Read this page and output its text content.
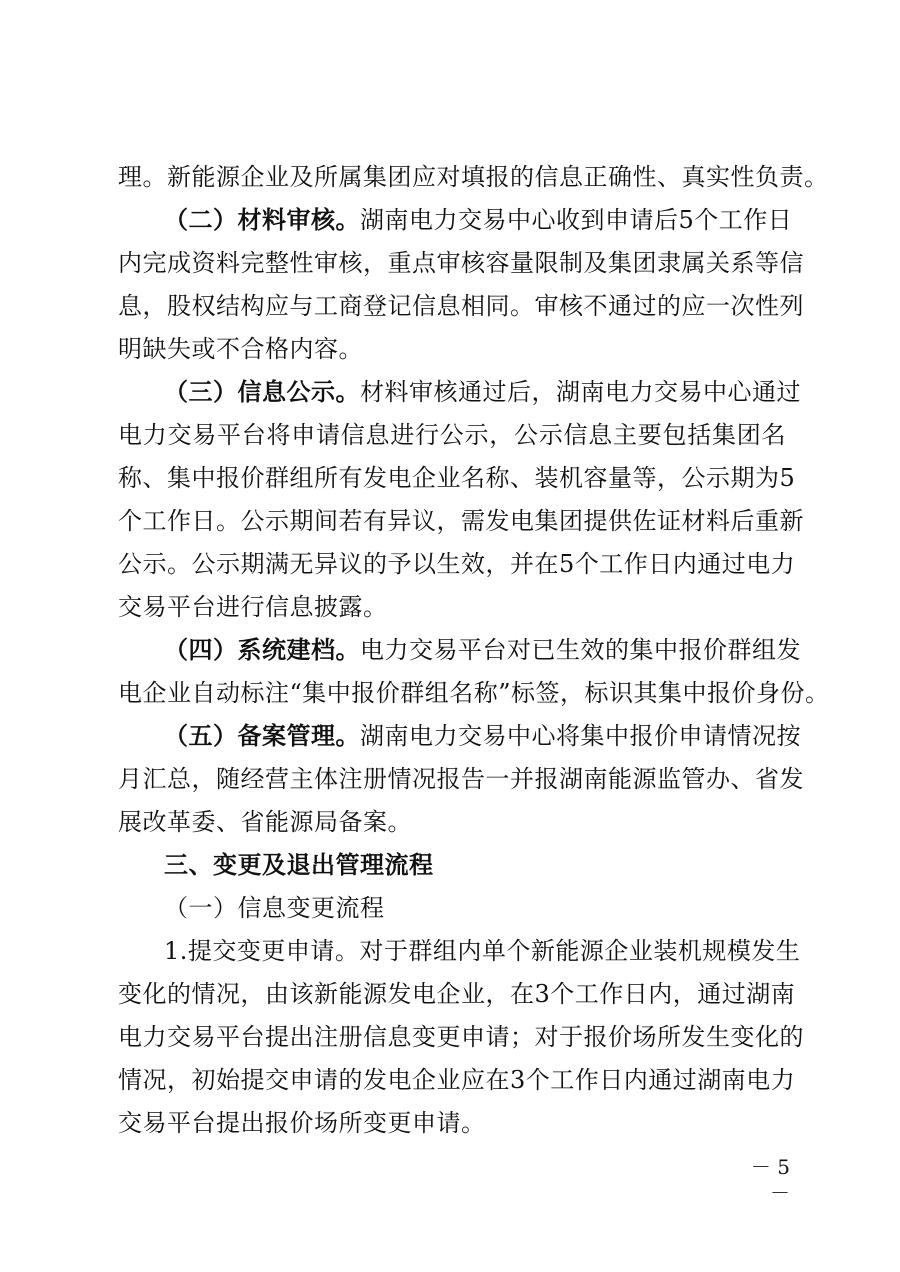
理。新能源企业及所属集团应对填报的信息正确性、真实性负责。
（二）材料审核。湖南电力交易中心收到申请后5个工作日
内完成资料完整性审核，重点审核容量限制及集团隶属关系等信
息，股权结构应与工商登记信息相同。审核不通过的应一次性列
明缺失或不合格内容。
（三）信息公示。材料审核通过后，湖南电力交易中心通过
电力交易平台将申请信息进行公示，公示信息主要包括集团名
称、集中报价群组所有发电企业名称、装机容量等，公示期为5
个工作日。公示期间若有异议，需发电集团提供佐证材料后重新
公示。公示期满无异议的予以生效，并在5个工作日内通过电力
交易平台进行信息披露。
（四）系统建档。电力交易平台对已生效的集中报价群组发
电企业自动标注“集中报价群组名称”标签，标识其集中报价身份。
（五）备案管理。湖南电力交易中心将集中报价申请情况按
月汇总，随经营主体注册情况报告一并报湖南能源监管办、省发
展改革委、省能源局备案。
三、变更及退出管理流程
（一）信息变更流程
1.提交变更申请。对于群组内单个新能源企业装机规模发生
变化的情况，由该新能源发电企业，在3个工作日内，通过湖南
电力交易平台提出注册信息变更申请；对于报价场所发生变化的
情况，初始提交申请的发电企业应在3个工作日内通过湖南电力
交易平台提出报价场所变更申请。
－ 5 －
